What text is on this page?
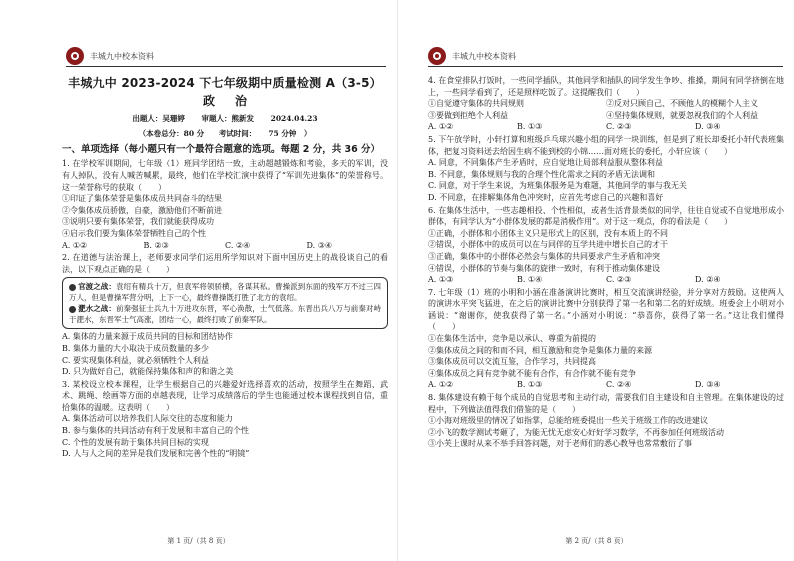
丰城九中校本资料
丰城九中 2023-2024 下七年级期中质量检测 A（3-5）
政治
出题人：吴珊婷 审题人：熊新发 2024.04.23
（本卷总分：80 分 考试时间： 75 分钟　）
一、单项选择（每小题只有一个最符合题意的选项。每题 2 分，共 36 分）
1. 在学校军训期间，七年级（1）班同学团结一致，主动超越锻炼和考验，多天的军训，没有人掉队，没有人喊苦喊累，最终，他们在学校汇演中获得了“军训先进集体”的荣誉称号。这一荣誉称号的获取（　　）
①印证了集体荣誉是集体成员共同奋斗的结果
②令集体成员骄傲，自豪，激励他们不断前进
③说明只要有集体荣誉，我们就能获得成功
④启示我们要为集体荣誉牺牲自己的个性
A. ①②	B. ②③	C. ②④	D. ③④
2. 在道德与法治课上，老师要求同学们运用所学知识对下面中国历史上的战役谈自己的看法，以下观点正确的是（　　）
官渡之战：袁绍有精兵十万，但袁军将领骄横，各谋其私。曹操派到东面的残军万不过三四万人，但是曹操军营分明，上下一心，最终曹操既打胜了北方的袁绍。
淝水之战：前秦强征士兵九十万进攻东晋，军心涣散，士气低落。东晋出兵八万与前秦对峙于淝水，东晋军士气高涨，团结一心，最终打败了前秦军队。
A. 集体的力量来源于成员共同的目标和团结协作
B. 集体力量的大小取决于成员数量的多少
C. 要实现集体利益，就必须牺牲个人利益
D. 只为做好自己，就能保持集体和声的和谐之美
3. 某校设立校本课程，让学生根据自己的兴趣爱好选择喜欢的活动，按照学生在舞蹈、武术、跳绳、绘画等方面的卓越表现，让学习成绩落后的学生也能通过校本课程找到自信，重拾集体的温暖。这表明（　　）
A. 集体活动可以培养我们人际交往的态度和能力
B. 参与集体的共同活动有利于发展和丰富自己的个性
C. 个性的发展有助于集体共同目标的实现
D. 人与人之间的差异是我们发展和完善个性的“明镜”
第 1 页/（共 8 页）
丰城九中校本资料
4. 在食堂排队打饭时，一些同学插队，其他同学和插队的同学发生争吵、推搡，期间有同学挤倒在地上，一些同学看到了，还是照样吃饭了。这提醒我们（　　）
①自觉遵守集体的共同规则	②反对只顾自己、不顾他人的模糊个人主义
③要做到拒绝个人利益	④坚持集体规则，就要忽视我们的个人利益
A. ①②	B. ①③	C. ②③	D. ③④
5. 下午放学时，小轩打算和班级乒乓球兴趣小组的同学一块训练，但是到了班长却委托小轩代表班集体，把复习资料送去给因生病不能到校的小锦……面对班长的委托，小轩应该（　　）
A. 同意，不同集体产生矛盾时，应自觉地让局部利益服从整体利益
B. 不同意，集体规则与我的合理个性化需求之间的矛盾无法调和
C. 同意，对于学生来说，为班集体服务是为难题，其他同学的事与我无关
D. 不同意，在排解集体角色冲突时，应首先考虑自己的兴趣和喜好
6. 在集体生活中，一些志趣相投、个性相似，或者生活背景类似的同学，往往自觉或不自觉地形成小群体，有同学认为“小群体发展的都是消极作用”。对于这一观点，你的看法是（　　）
①正确，小群体和小团体主义只是形式上的区别，没有本质上的不同
②错误，小群体中的成员可以在与同伴的互学共进中增长自己的才干
③正确，集体中的小群体必然会与集体的共同要求产生矛盾和冲突
④错误，小群体的节奏与集体的旋律一致时，有利于推动集体建设
A. ①③	B. ①④	C. ②③	D. ②④
7. 七年级（1）班的小明和小涵在准备演讲比赛时，相互交流演讲经验，并分享对方鼓励。这使两人的演讲水平突飞猛进，在之后的演讲比赛中分别获得了第一名和第二名的好成绩。班委会上小明对小涵说：“谢谢你，使我获得了第一名。”小涵对小明说：“恭喜你，获得了第一名。”这让我们懂得（　　）
①在集体生活中，竞争是以承认、尊重为前提的
②集体成员之间的和而不同，相互激励和竞争是集体力量的来源
③集体成员可以交流互鉴，合作学习，共同提高
④集体成员之间有竞争就不能有合作，有合作就不能有竞争
A. ①②	B. ①③	C. ②④	D. ③④
8. 集体建设有赖于每个成员的自觉思考和主动行动，需要我们自主建设和自主管理。在集体建设的过程中，下列做法值得我们借鉴的是（　　）
①小海对班级里的情况了如指掌，总能给班委提出一些关于班级工作的改进建议
②小飞的数学测试考砸了，为能无忧无虑安心好好学习数学，不再参加任何班级活动
③小芙上课时从来不举手回答问题，对于老师们的悉心教导也常常敷衍了事
第 2 页/（共 8 页）
